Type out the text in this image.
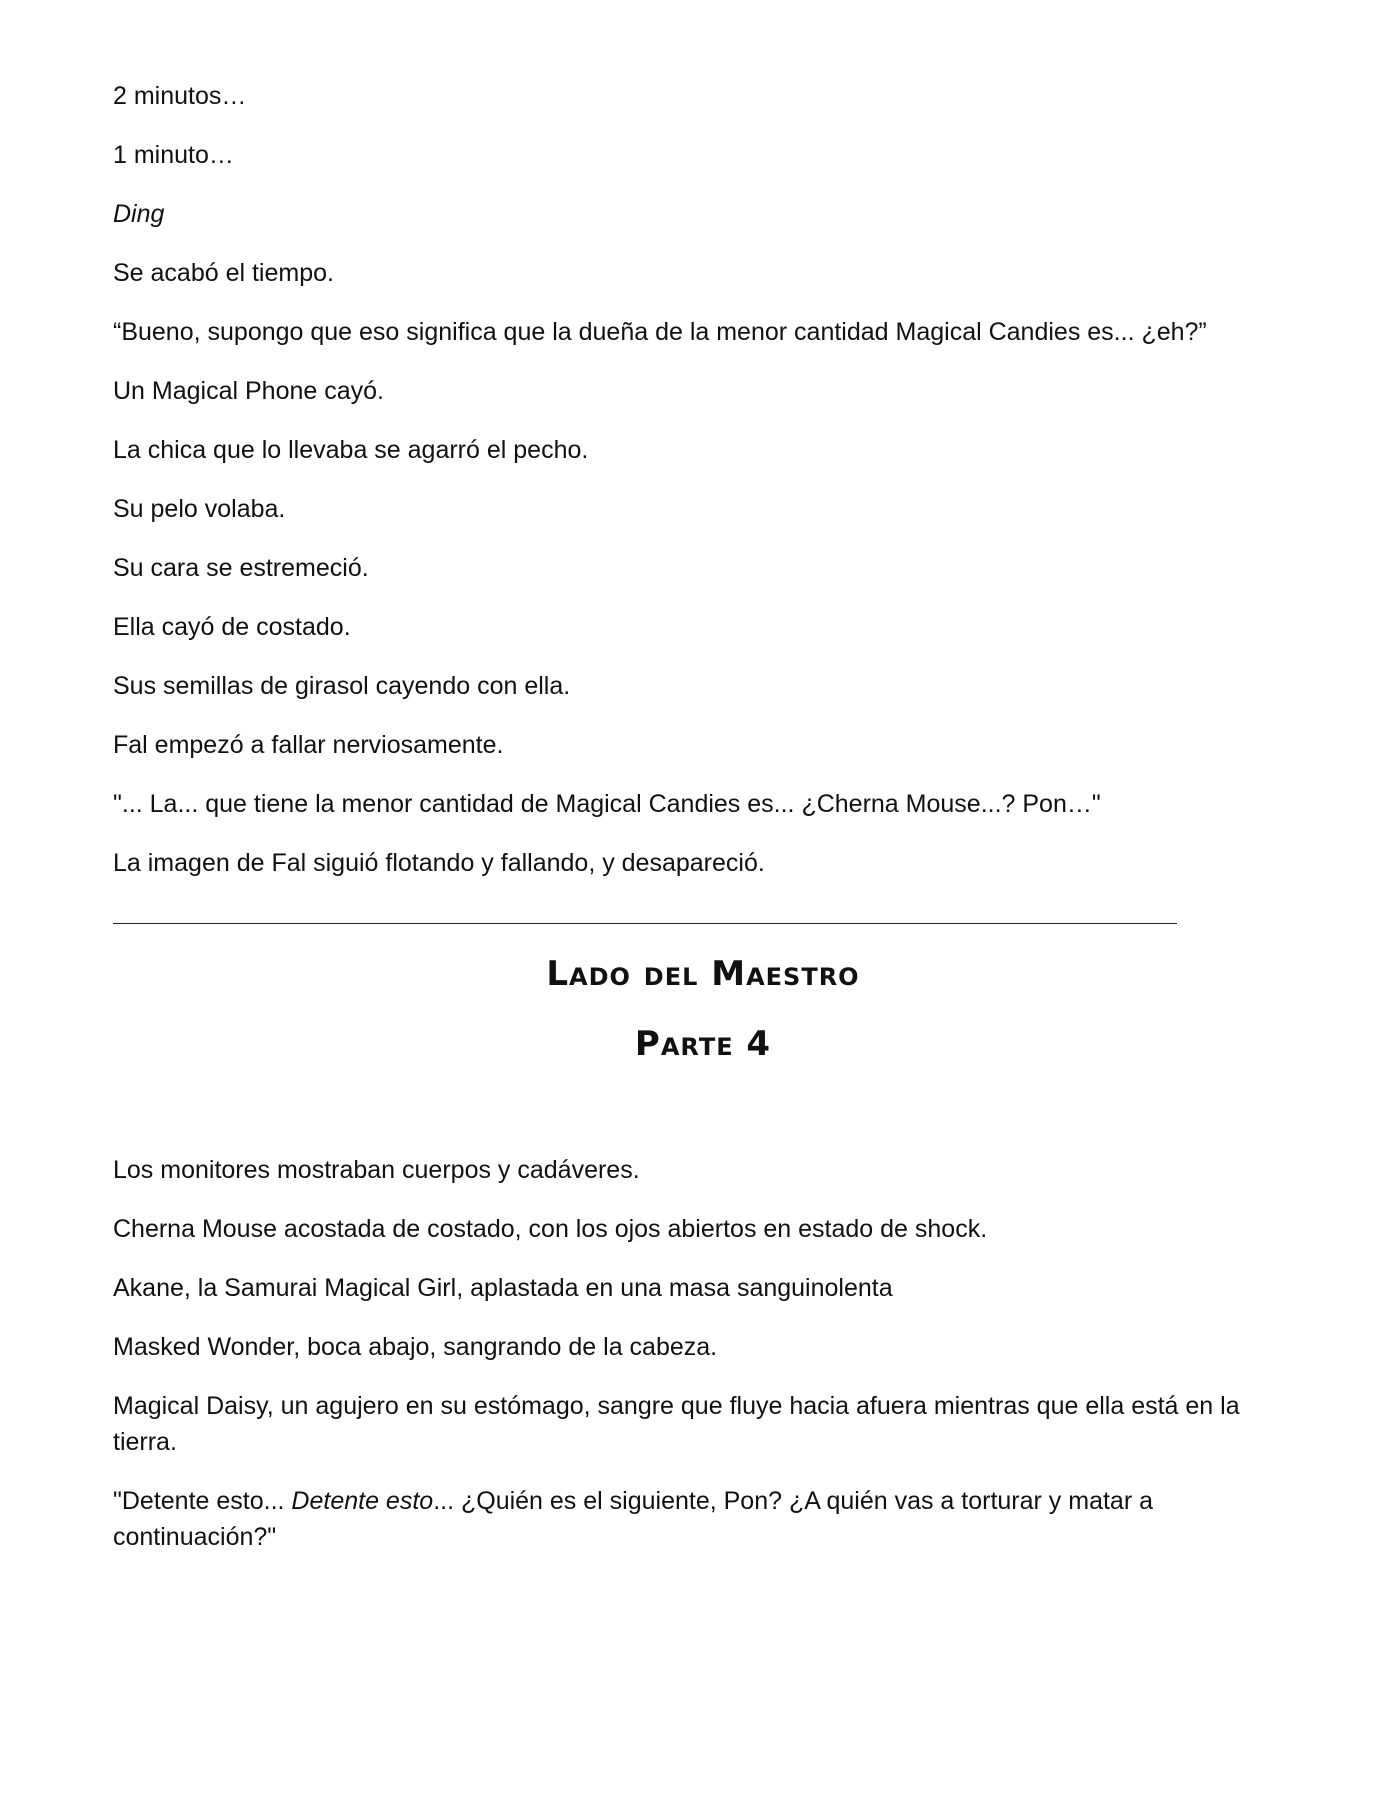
2 minutos…

1 minuto…

Ding

Se acabó el tiempo.

“Bueno, supongo que eso significa que la dueña de la menor cantidad Magical Candies es... ¿eh?”

Un Magical Phone cayó.

La chica que lo llevaba se agarró el pecho.

Su pelo volaba.

Su cara se estremeció.

Ella cayó de costado.

Sus semillas de girasol cayendo con ella.

Fal empezó a fallar nerviosamente.

"... La... que tiene la menor cantidad de Magical Candies es... ¿Cherna Mouse...? Pon…"

La imagen de Fal siguió flotando y fallando, y desapareció.

Lado del Maestro
Parte 4

Los monitores mostraban cuerpos y cadáveres.

Cherna Mouse acostada de costado, con los ojos abiertos en estado de shock.

Akane, la Samurai Magical Girl, aplastada en una masa sanguinolenta

Masked Wonder, boca abajo, sangrando de la cabeza.

Magical Daisy, un agujero en su estómago, sangre que fluye hacia afuera mientras que ella está en la tierra.

"Detente esto... Detente esto... ¿Quién es el siguiente, Pon? ¿A quién vas a torturar y matar a continuación?"
